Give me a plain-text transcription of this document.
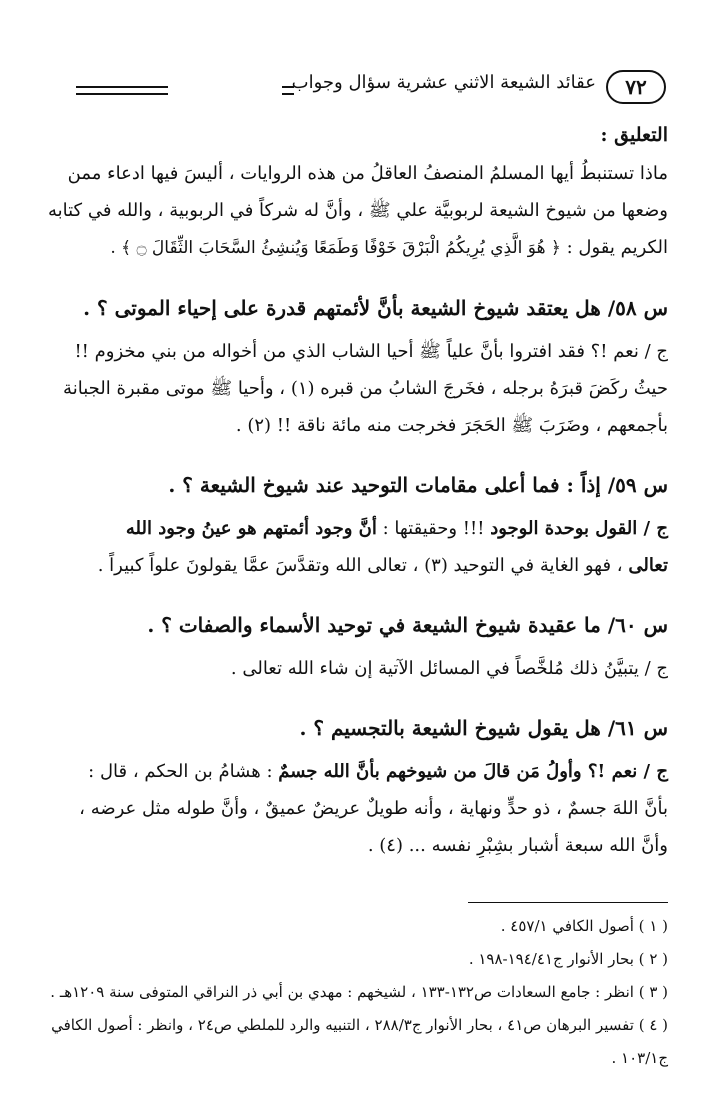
٧٢
عقائد الشيعة الاثني عشرية سؤال وجواب

التعليق :

ماذا تستنبطُ أيها المسلمُ المنصفُ العاقلُ من هذه الروايات ، أليسَ فيها ادعاء ممن

وضعها من شيوخ الشيعة لربوبيَّة علي ﷺ ، وأنَّ له شركاً في الربوبية ، والله في كتابه

الكريم يقول : ﴿ هُوَ الَّذِي يُرِيكُمُ الْبَرْقَ خَوْفًا وَطَمَعًا وَيُنشِئُ السَّحَابَ الثِّقَالَ ۝ ﴾ .

س ٥٨/ هل يعتقد شيوخ الشيعة بأنَّ لأئمتهم قدرة على إحياء الموتى ؟ .

ج / نعم !؟ فقد افتروا بأنَّ علياً ﷺ أحيا الشاب الذي من أخواله من بني مخزوم !!

حيثُ ركَضَ قبرَهُ برجله ، فخَرجَ الشابُ من قبره (١) ، وأحيا ﷺ موتى مقبرة الجبانة

بأجمعهم ، وضَرَبَ ﷺ الحَجَرَ فخرجت منه مائة ناقة !! (٢) .

س ٥٩/ إذاً : فما أعلى مقامات التوحيد عند شيوخ الشيعة ؟ .

ج / القول بوحدة الوجود !!! وحقيقتها : أنَّ وجود أئمتهم هو عينُ وجود الله

تعالى ، فهو الغاية في التوحيد (٣) ، تعالى الله وتقدَّسَ عمَّا يقولونَ علواً كبيراً .

س ٦٠/ ما عقيدة شيوخ الشيعة في توحيد الأسماء والصفات ؟ .

ج / يتبيَّنُ ذلك مُلخَّصاً في المسائل الآتية إن شاء الله تعالى .

س ٦١/ هل يقول شيوخ الشيعة بالتجسيم ؟ .

ج / نعم !؟ وأولُ مَن قالَ من شيوخهم بأنَّ الله جسمٌ : هشامُ بن الحكم ، قال :

بأنَّ اللهَ جسمٌ ، ذو حدٍّ ونهاية ، وأنه طويلٌ عريضٌ عميقٌ ، وأنَّ طوله مثل عرضه ،

وأنَّ الله سبعة أشبار بشِبْرِ نفسه ... (٤) .

( ١ ) أصول الكافي ٤٥٧/١ .

( ٢ ) بحار الأنوار ج١٩٤/٤١-١٩٨ .

( ٣ ) انظر : جامع السعادات ص١٣٢-١٣٣ ، لشيخهم : مهدي بن أبي ذر النراقي المتوفى سنة ١٢٠٩هـ .

( ٤ ) تفسير البرهان ص٤١ ، بحار الأنوار ج٢٨٨/٣ ، التنبيه والرد للملطي ص٢٤ ، وانظر : أصول الكافي

ج١٠٣/١ .
